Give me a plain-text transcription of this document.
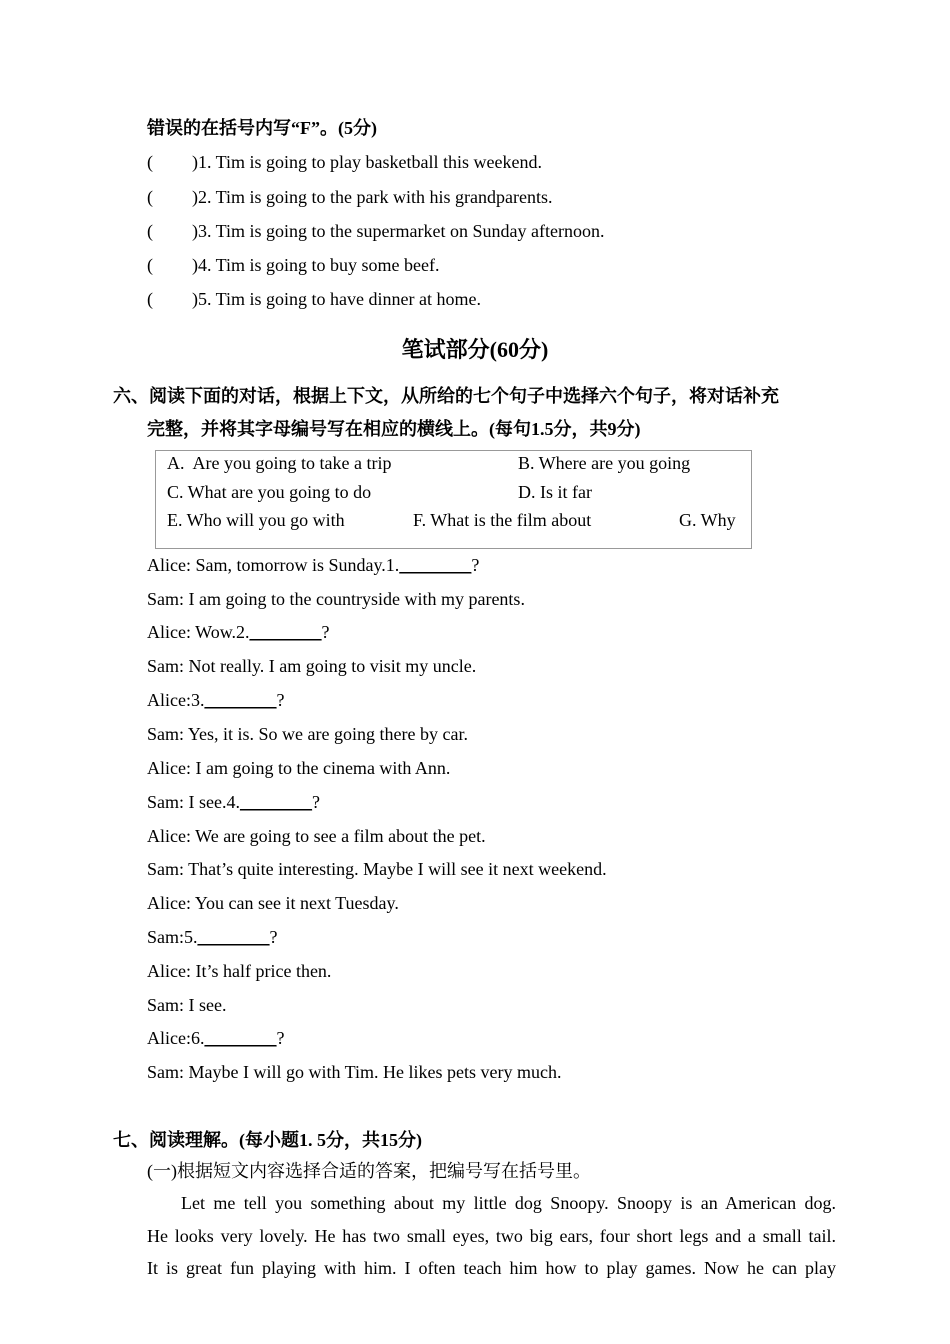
错误的在括号内写“F”。(5分)
( )1. Tim is going to play basketball this weekend.
( )2. Tim is going to the park with his grandparents.
( )3. Tim is going to the supermarket on Sunday afternoon.
( )4. Tim is going to buy some beef.
( )5. Tim is going to have dinner at home.
笔试部分(60分)
六、阅读下面的对话，根据上下文，从所给的七个句子中选择六个句子，将对话补充
完整，并将其字母编号写在相应的横线上。(每句1.5分，共9分)
A.  Are you going to take a trip	B. Where are you going
C. What are you going to do	D. Is it far
E. Who will you go with	F. What is the film about	G. Why
Alice: Sam, tomorrow is Sunday.1.________?
Sam: I am going to the countryside with my parents.
Alice: Wow.2.________?
Sam: Not really. I am going to visit my uncle.
Alice:3.________?
Sam: Yes, it is. So we are going there by car.
Alice: I am going to the cinema with Ann.
Sam: I see.4.________?
Alice: We are going to see a film about the pet.
Sam: That’s quite interesting. Maybe I will see it next weekend.
Alice: You can see it next Tuesday.
Sam:5.________?
Alice: It’s half price then.
Sam: I see.
Alice:6.________?
Sam: Maybe I will go with Tim. He likes pets very much.
七、阅读理解。(每小题1. 5分，共15分)
(一)根据短文内容选择合适的答案，把编号写在括号里。
Let me tell you something about my little dog Snoopy. Snoopy is an American dog.
He looks very lovely. He has two small eyes, two big ears, four short legs and a small tail.
It is great fun playing with him. I often teach him how to play games. Now he can play
